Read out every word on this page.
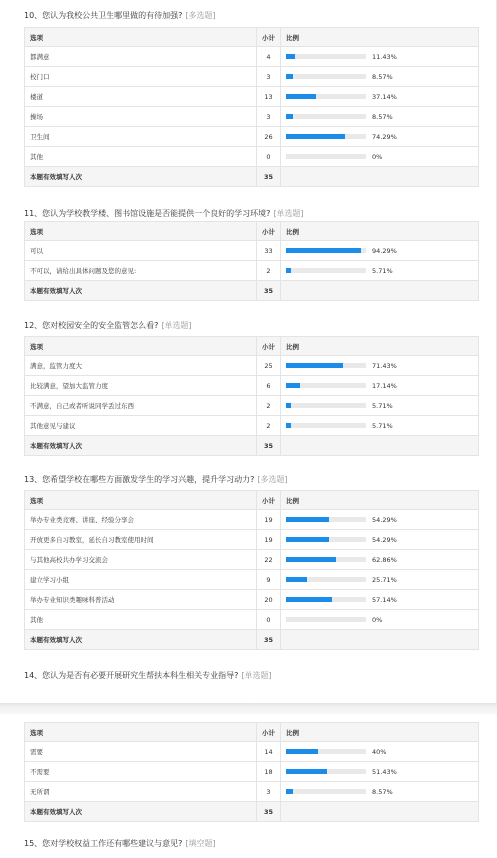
10、您认为我校公共卫生哪里做的有待加强? [多选题]
选项	小计	比例
都满意	4	11.43%
校门口	3	8.57%
楼道	13	37.14%
操场	3	8.57%
卫生间	26	74.29%
其他	0	0%
本题有效填写人次	35	
11、您认为学校教学楼、图书馆设施是否能提供一个良好的学习环境? [单选题]
选项	小计	比例
可以	33	94.29%
不可以，请给出具体问题及您的意见:	2	5.71%
本题有效填写人次	35	
12、您对校园安全的安全监管怎么看? [单选题]
选项	小计	比例
满意，监管力度大	25	71.43%
比较满意，望加大监管力度	6	17.14%
不满意，自己或者听说同学丢过东西	2	5.71%
其他意见与建议	2	5.71%
本题有效填写人次	35	
13、您希望学校在哪些方面激发学生的学习兴趣，提升学习动力? [多选题]
选项	小计	比例
举办专业类竞赛、讲座、经验分享会	19	54.29%
开放更多自习教室，延长自习教室使用时间	19	54.29%
与其他高校共办学习交流会	22	62.86%
建立学习小组	9	25.71%
举办专业知识类趣味科普活动	20	57.14%
其他	0	0%
本题有效填写人次	35	
14、您认为是否有必要开展研究生帮扶本科生相关专业指导? [单选题]
选项	小计	比例
需要	14	40%
不需要	18	51.43%
无所谓	3	8.57%
本题有效填写人次	35	
15、您对学校权益工作还有哪些建议与意见? [填空题]
